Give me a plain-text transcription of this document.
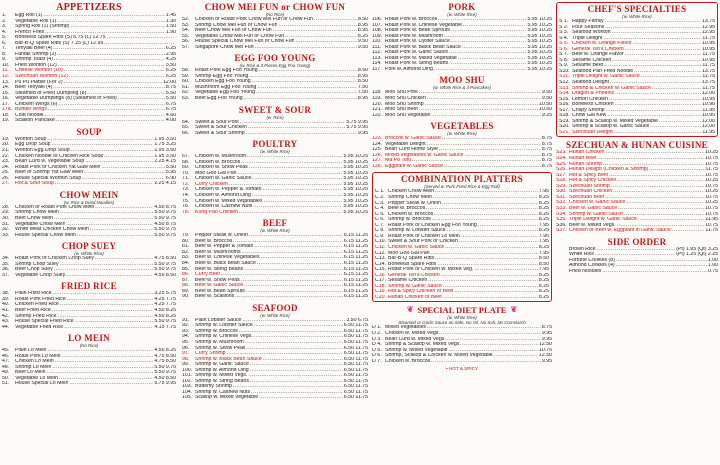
APPETIZERS
1.	Egg Roll (1) .....	1.45
2.	Vegetable Roll (1) .....	1.30
3.	Spring Roll (1) (Shrimp) .....	1.50
4.	French Fries .....	1.90
5.	Boneless Spare Ribs (S) 6.75 (L) 12.75
.....
6.	Bar-B-Q Spare Ribs (S) 7.25 (L) 12.95
.....
7.	Teriyaki Beef (4) .....	6.25
8.	Fantail Shrimp (2) .....	2.95
9.	Shrimp Toast (4) .....	4.25
10.	Fried Wonton (12) .....	3.50
11.	Cheese Wonton (10) .....	6.25
12.	Szechuan Wonton (12) .....	6.25
13.	Pu Pu Platter (For 2) .....	12.00
14.	Beef Teriyaki (4) .....	8.75
15.	Steamed or Fried Dumpling (8) .....	5.50
16.	Vegetable Dumplings (8) (Steamed or Fried) .....	5.50
17.	Chicken Wings (6) .....	6.75
17a. Buffalo Wings .....	6.75
18.	Cold Noodle .....	4.60
19.	Scallion Pancake .....	4.00
SOUP
19.	Wonton Soup .....	1.95 3.50
20.	Egg Drop Soup .....	1.75 3.25
21.	Wonton Egg Drop Soup .....	1.95 3.50
22.	Chicken Noodle or Chicken Rice Soup .....	1.95 3.50
23.	Bean Curd w. Vegetable Soup .....	2.25 4.15
24.	Roast Pork or Chicken Yat Gaw Mein .....	5.50
25.	Beef or Shrimp Yat Gaw Mein .....	5.95
26.	House Special Wonton Soup .....	6.90
27.	Hot & Sour Soup .....	2.25 4.15
CHOW MEIN
(w. Rice & Dried Noodles)
28.	Chicken or Roast Pork Chow Mein .....	4.50 8.75
29.	Shrimp Chow Mein .....	5.50 9.75
30.	Beef Chow Mein .....	5.50 9.75
31.	Vegetable Chow Mein .....	4.50 8.75
32.	White Meat Chicken Chow Mein .....	5.50 9.75
33.	House Special Chow Mein .....	5.50 9.75
CHOP SUEY
(w. White Rice)
34.	Roast Pork or Chicken Chop Suey .....	4.75 8.50
35.	Shrimp Chop Suey .....	5.50 9.75
36.	Beef Chop Suey .....	5.50 9.75
37.	Vegetable Chop Suey .....	4.50 8.50
FRIED RICE
38.	Plain Fried Rice .....	3.25 5.75
39.	Roast Pork Fried Rice .....	4.25 7.75
40.	Chicken Fried Rice .....	4.25 7.75
41.	Beef Fried Rice .....	4.50 8.25
42.	Shrimp Fried Rice .....	4.50 8.25
43.	House Special Fried Rice .....	5.50 9.75
44.	Vegetable Fried Rice .....	4.15 7.75
LO MEIN
(No Rice)
45.	Plain Lo Mein .....	4.50 8.25
46.	Roast Pork Lo Mein .....	4.75 8.50
47.	Chicken Lo Mein .....	4.75 8.50
48.	Shrimp Lo Mein .....	5.50 9.75
49.	Beef Lo Mein .....	5.50 9.75
50.	Vegetable Lo Mein .....	4.50 8.50
51.	House Special Lo Mein .....	5.75 9.95
CHOW MEI FUN or CHOW FUN
(No Rice)
52.	Chicken or Roast Pork Chow Mei Fun or Chow Fun .....	8.50
53.	Shrimp Chow Mei Fun or Chow Fun .....	8.95
54.	Beef Chow Mei Fun or Chow Fun .....	8.95
55.	Vegetable Chow Mei Fun or Chow Fun .....	8.25
56.	House Special Chow Mei Fun or Chow Fun .....	9.50
57.	Singapore Chow Mei Fun .....	9.50
EGG FOO YOUNG
(w. Rice & 3 Pieces Egg Foo Young)
58.	Roast Pork Egg Foo Young .....	8.50
59.	Shrimp Egg Foo Young .....	8.95
60.	Chicken Egg Foo Young .....	8.50
61.	Mushroom Egg Foo Young .....	7.50
62.	Vegetable Egg Foo Young .....	7.50
63.	Beef Egg Foo Young .....	8.95
SWEET & SOUR
(w. Rice)
64.	Sweet & Sour Pork .....	5.75 9.95
65.	Sweet & Sour Chicken .....	5.75 9.95
66.	Sweet & Sour Shrimp .....	9.95
POULTRY
(w. White Rice)
67.	Chicken w. Mushroom .....	5.95 10.25
68.	Chicken w. Broccoli .....	5.95 10.25
69.	Chicken w. Snow Peas .....	5.95 10.25
70.	Moo Goo Gai Pan .....	5.95 10.25
71.	Chicken w. Garlic Sauce .....	5.95 10.25
72.	Curry Chicken .....	5.95 10.25
73.	Chicken w. Pepper & Tomato .....	5.95 10.25
74.	Chicken w. Almond Ding .....	5.95 10.25
75.	Chicken w. Mixed Vegetables .....	5.95 10.25
76.	Chicken w. Cashew Nuts .....	5.95 10.25
78.	Kung Pao Chicken .....	5.95 10.25
BEEF
(w. White Rice)
79.	Pepper Steak w. Onion .....	6.15 11.25
80.	Beef w. Broccoli .....	6.15 11.25
81.	Beef w. Pepper & Tomato .....	6.15 11.25
82.	Beef w. Mushrooms .....	6.15 11.25
83.	Beef w. Chinese Vegetables .....	6.15 11.25
84.	Beef w. Black Bean Sauce .....	6.15 11.25
85.	Beef w. String Beans .....	6.15 11.25
86.	Curry Beef .....	6.15 11.25
87.	Beef w. Snow Peas .....	6.15 11.25
88.	Beef w. Garlic Sauce .....	6.15 11.25
89.	Beef w. Bean Sprouts .....	6.15 11.25
90.	Beef w. Scallions .....	6.15 11.25
SEAFOOD
(w. White Rice)
91.	Plain Lobster Sauce .....	3.50 6.75
92.	Shrimp w. Lobster Sauce .....	6.50 11.75
93.	Shrimp w. Broccoli .....	6.50 11.75
94.	Shrimp w. Chinese Vegs. .....	6.50 11.75
95.	Shrimp w. Mushroom .....	6.50 11.75
96.	Shrimp w. Snow Peas .....	6.50 11.75
97.	Curry Shrimp .....	6.50 11.75
98.	Shrimp w. Black Bean Sauce .....	6.50 11.75
99.	Shrimp w. Garlic Sauce .....	6.50 11.75
100. Shrimp w. Almond Ding .....	6.50 11.75
101. Shrimp w. Mixed Vegs. .....	6.50 11.75
102. Shrimp w. String Beans .....	6.50 11.75
103. Butterfly Shrimp .....	6.50 11.75
104. Shrimp w. Cashew Nuts .....	6.50 11.75
105. Scallop w. Mixed Vegetable .....	6.50 11.75
PORK
(w. White Rice)
106. Roast Pork w. Broccoli .....	5.95 10.25
107. Roast Pork w. Chinese Vegetable .....	5.95 10.25
108. Roast Pork w. Bean Sprouts .....	5.95 10.25
109. Roast Pork w. Mushroom .....	5.95 10.25
110. Roast Pork w. Oyster Sauce .....	5.95 10.25
111. Roast Pork w. Black Bean Sauce .....	5.95 10.25
112. Roast Pork w. Garlic Sauce .....	5.95 10.25
113. Roast Pork w. Mixed Vegetable .....	5.95 10.25
114. Roast Pork w. String Beans .....	5.95 10.25
117. Pork w. Almond Ding .....	5.95 10.25
MOO SHU
(w. White Rice & 4 Pancakes)
118. Moo Shu Pork .....	9.50
119. Moo Shu Chicken .....	9.50
120. Moo Shu Shrimp .....	10.50
121. Moo Shu Beef .....	10.50
122. Moo Shu Vegetable .....	9.25
VEGETABLES
(w. White Rice)
123. Broccoli w. Garlic Sauce .....	8.75
124. Vegetable Delight .....	8.75
125. Bean Curd Home Style .....	8.75
126. Mixed Vegetables w. Garlic Sauce .....	8.75
127. Ma Po Tofu .....	8.75
128. Eggplant w. Garlic Sauce .....	8.75
COMBINATION PLATTERS
(Served w. Pork Fried Rice & Egg Roll)
C 1. Chicken Chow Mein .....	7.95
C 2. Shrimp Chow Mein .....	8.25
C 3. Pepper Steak w. Onion .....	8.25
C 4. Beef w. Broccoli .....	8.25
C 5. Chicken w. Broccoli .....	8.25
C 6. Shrimp w. Broccoli .....	8.25
C 7. Roast Pork or Chicken Egg Foo Young .....	7.95
C 8. Shrimp w. Lobster Sauce .....	8.25
C 9. Roast Pork or Chicken Lo Mein .....	7.95
C10. Sweet & Sour Pork or Chicken .....	7.95
C11. Chicken w. Garlic Sauce .....	8.25
C12. Moo Goo Gai Pan .....	7.95
C13. Bar-B-Q Spare Ribs .....	8.50
C14. Boneless Spare Ribs .....	8.50
C15. Roast Pork or Chicken w. Mixed Veg. .....	7.95
C16. General Tso's Chicken .....	8.25
C17. Sesame Chicken .....	8.25
C18. Shrimp w. Garlic Sauce .....	8.25
C19. Hot & Spicy Chicken or Beef .....	8.25
C20. Hunan Chicken or Beef .....	8.25
❦ SPECIAL DIET PLATE ❦
(w. White Rice)
Steamed or Garlic Sauce on Side, No Oil, No Salt, No Cornstarch
D 1. Mixed Vegetables .....	8.75
D 2. Chicken w. Mixed Vegs. .....	9.95
D 3. Bean Curd w. Mixed Vegs. .....	9.95
D 4. Shrimp & Scallop w. Mixed Vegs. .....	12.50
D 5. Shrimp w. Mixed Vegetable .....	10.75
D 6. Shrimp, Scallop & Chicken w. Mixed Vegetable .....	12.50
D 7. Chicken w. Broccoli .....	9.95
• HOT & SPICY
CHEF'S SPECIALTIES
(w. White Rice)
S 1. Happy Family .....	13.75
S 2. Four Seasons .....	12.95
S 3. Seafood Wonton .....	12.95
S 4. Triple Delight .....	11.75
S 5. Chicken w. Orange Flavor .....	10.95
S 6. General Tso's Chicken .....	10.95
S 7. Beef w. Orange Flavor .....	11.75
S 8. Sesame Chicken .....	10.95
S 9. Sesame Beef .....	11.75
S10. Seafood Pan Fried Noodle .....	13.75
S11. Triple Delight w. Garlic Sauce .....	11.75
S12. Seafood Delight .....	13.75
S13. Shrimp & Chicken w. Garlic Sauce .....	11.75
S14. Dragon & Phoenix .....	12.00
S15. Lemon Chicken .....	10.95
S16. Boneless Chicken .....	10.90
S17. Crispy Shrimp .....	11.95
S18. Chow Gai Kew .....	10.95
S19. Shrimp & Scallop w. Mixed Vegetable .....	12.00
S20. Shrimp & Scallop w. Garlic Sauce .....	12.00
S21. Szechuan Delight .....	11.95
SZECHUAN & HUNAN CUISINE
S23. Hunan Chicken .....	10.25
S24. Hunan Beef .....	10.75
S25. Hunan Shrimp .....	10.75
S26. Hunan Delight (Chicken & Shrimp) .....	11.75
S27. Hot & Spicy Beef .....	10.75
S28. Hot & Spicy Chicken .....	10.25
S29. Szechuan Shrimp .....	10.75
S30. Szechuan Chicken .....	10.25
S31. Szechuan Beef .....	10.75
S32. Chicken w. Garlic Sauce .....	10.25
S33. Beef w. Garlic Sauce .....	10.75
S34. Shrimp w. Garlic Sauce .....	10.75
S35. Triple Delight w. Garlic Sauce .....	11.95
S36. Beef w. Mixed Vegs. .....	10.75
S37. Chicken or Beef w. Eggplant in Garlic Sauce .....	11.75
SIDE ORDER
Brown Rice .....	(Pt) 1.95 (Qt) 3.25
White Rice .....	(Pt) 1.25 (Qt) 2.25
Fortune Cookies (8) .....	1.00
Almond Cookies (4) .....	1.00
Fried Noodles .....	0.75
